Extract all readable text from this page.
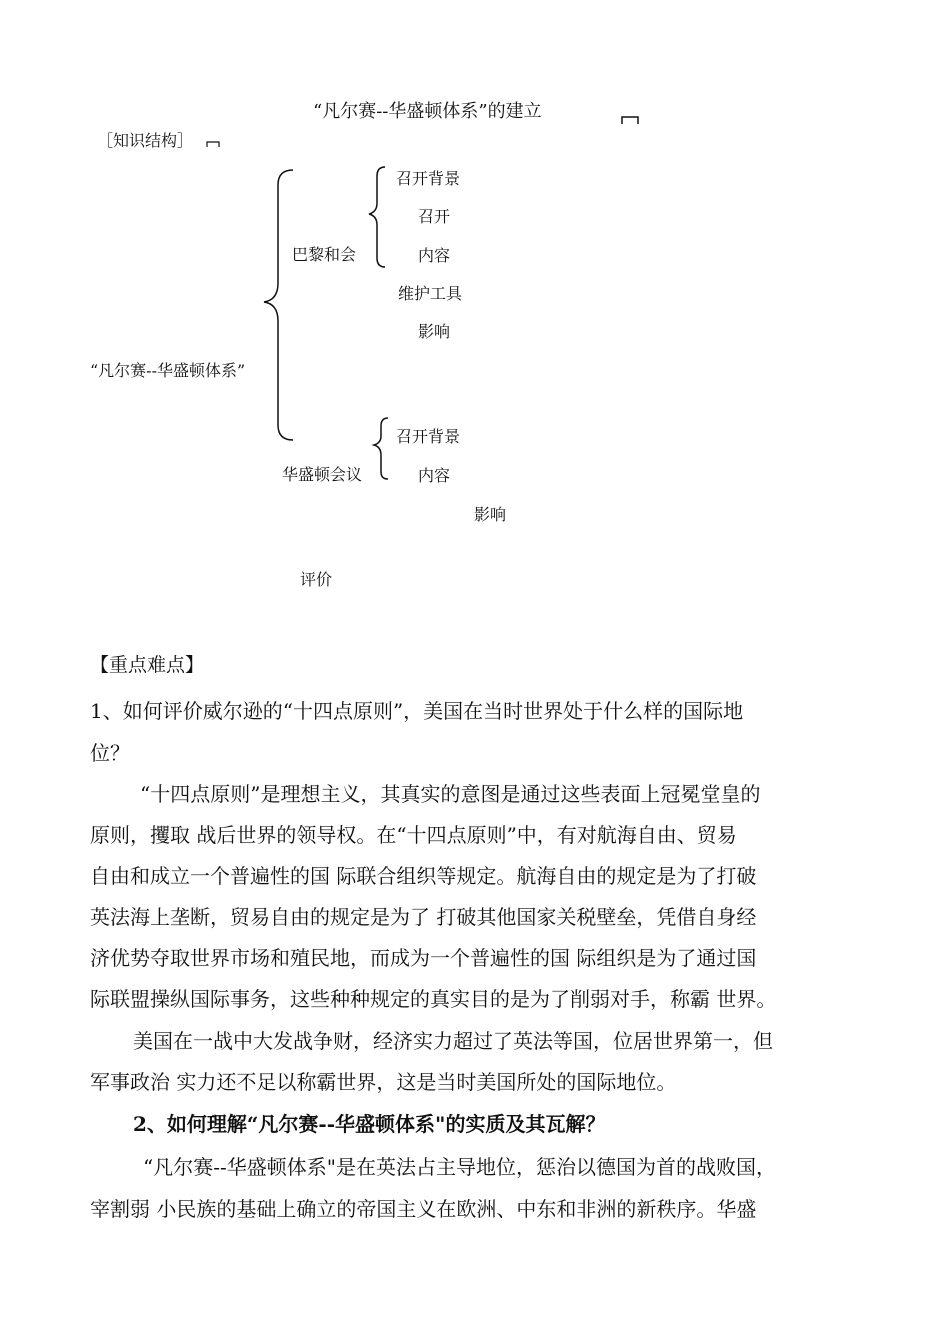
“凡尔赛--华盛顿体系”的建立
［知识结构］
“凡尔赛--华盛顿体系”
巴黎和会
召开背景
召开
内容
维护工具
影响
华盛顿会议
召开背景
内容
影响
评价
【重点难点】
1、如何评价威尔逊的“十四点原则”，美国在当时世界处于什么样的国际地
位？
“十四点原则”是理想主义，其真实的意图是通过这些表面上冠冕堂皇的
原则，攫取 战后世界的领导权。在“十四点原则”中，有对航海自由、贸易
自由和成立一个普遍性的国 际联合组织等规定。航海自由的规定是为了打破
英法海上垄断，贸易自由的规定是为了 打破其他国家关税壁垒，凭借自身经
济优势夺取世界市场和殖民地，而成为一个普遍性的国 际组织是为了通过国
际联盟操纵国际事务，这些种种规定的真实目的是为了削弱对手，称霸 世界。
美国在一战中大发战争财，经济实力超过了英法等国，位居世界第一，但
军事政治 实力还不足以称霸世界，这是当时美国所处的国际地位。
2、如何理解“凡尔赛--华盛顿体系"的实质及其瓦解？
“凡尔赛--华盛顿体系"是在英法占主导地位，惩治以德国为首的战败国，
宰割弱 小民族的基础上确立的帝国主义在欧洲、中东和非洲的新秩序。华盛
